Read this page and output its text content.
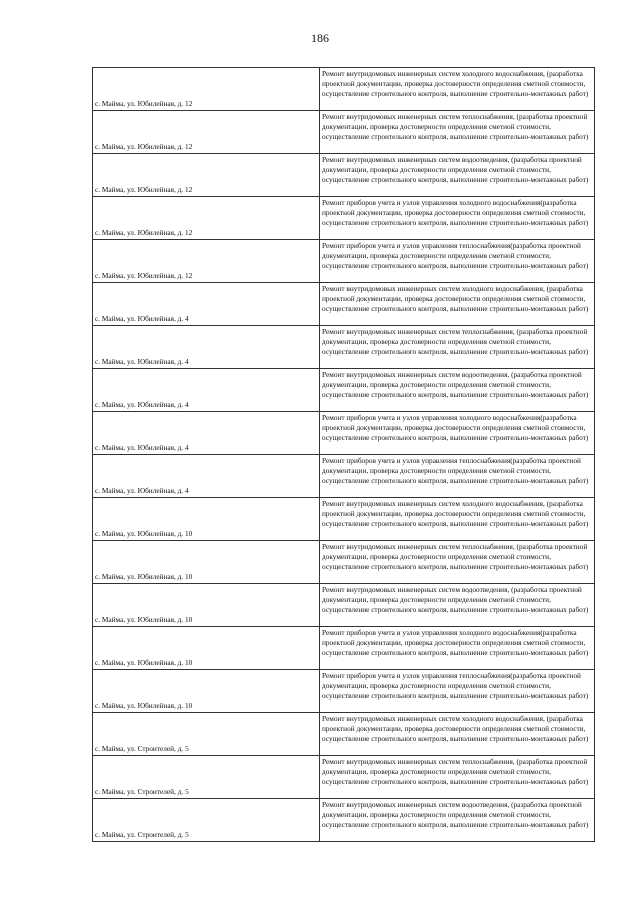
186
с. Майма, ул. Юбилейная, д. 12	Ремонт внутридомовых инженерных систем холодного водоснабжения, (разработка проектной документации, проверка достоверности определения сметной стоимости, осуществление строительного контроля, выполнение строительно-монтажных работ)
с. Майма, ул. Юбилейная, д. 12	Ремонт внутридомовых инженерных систем теплоснабжения, (разработка проектной документации, проверка достоверности определения сметной стоимости, осуществление строительного контроля, выполнение строительно-монтажных работ)
с. Майма, ул. Юбилейная, д. 12	Ремонт внутридомовых инженерных систем водоотведения, (разработка проектной документации, проверка достоверности определения сметной стоимости, осуществление строительного контроля, выполнение строительно-монтажных работ)
с. Майма, ул. Юбилейная, д. 12	Ремонт приборов учета и узлов управления холодного водоснабжения(разработка проектной документации, проверка достоверности определения сметной стоимости, осуществление строительного контроля, выполнение строительно-монтажных работ)
с. Майма, ул. Юбилейная, д. 12	Ремонт приборов учета и узлов управления теплоснабжения(разработка проектной документации, проверка достоверности определения сметной стоимости, осуществление строительного контроля, выполнение строительно-монтажных работ)
с. Майма, ул. Юбилейная, д. 4	Ремонт внутридомовых инженерных систем холодного водоснабжения, (разработка проектной документации, проверка достоверности определения сметной стоимости, осуществление строительного контроля, выполнение строительно-монтажных работ)
с. Майма, ул. Юбилейная, д. 4	Ремонт внутридомовых инженерных систем теплоснабжения, (разработка проектной документации, проверка достоверности определения сметной стоимости, осуществление строительного контроля, выполнение строительно-монтажных работ)
с. Майма, ул. Юбилейная, д. 4	Ремонт внутридомовых инженерных систем водоотведения, (разработка проектной документации, проверка достоверности определения сметной стоимости, осуществление строительного контроля, выполнение строительно-монтажных работ)
с. Майма, ул. Юбилейная, д. 4	Ремонт приборов учета и узлов управления холодного водоснабжения(разработка проектной документации, проверка достоверности определения сметной стоимости, осуществление строительного контроля, выполнение строительно-монтажных работ)
с. Майма, ул. Юбилейная, д. 4	Ремонт приборов учета и узлов управления теплоснабжения(разработка проектной документации, проверка достоверности определения сметной стоимости, осуществление строительного контроля, выполнение строительно-монтажных работ)
с. Майма, ул. Юбилейная, д. 10	Ремонт внутридомовых инженерных систем холодного водоснабжения, (разработка проектной документации, проверка достоверности определения сметной стоимости, осуществление строительного контроля, выполнение строительно-монтажных работ)
с. Майма, ул. Юбилейная, д. 10	Ремонт внутридомовых инженерных систем теплоснабжения, (разработка проектной документации, проверка достоверности определения сметной стоимости, осуществление строительного контроля, выполнение строительно-монтажных работ)
с. Майма, ул. Юбилейная, д. 10	Ремонт внутридомовых инженерных систем водоотведения, (разработка проектной документации, проверка достоверности определения сметной стоимости, осуществление строительного контроля, выполнение строительно-монтажных работ)
с. Майма, ул. Юбилейная, д. 10	Ремонт приборов учета и узлов управления холодного водоснабжения(разработка проектной документации, проверка достоверности определения сметной стоимости, осуществление строительного контроля, выполнение строительно-монтажных работ)
с. Майма, ул. Юбилейная, д. 10	Ремонт приборов учета и узлов управления теплоснабжения(разработка проектной документации, проверка достоверности определения сметной стоимости, осуществление строительного контроля, выполнение строительно-монтажных работ)
с. Майма, ул. Строителей, д. 5	Ремонт внутридомовых инженерных систем холодного водоснабжения, (разработка проектной документации, проверка достоверности определения сметной стоимости, осуществление строительного контроля, выполнение строительно-монтажных работ)
с. Майма, ул. Строителей, д. 5	Ремонт внутридомовых инженерных систем теплоснабжения, (разработка проектной документации, проверка достоверности определения сметной стоимости, осуществление строительного контроля, выполнение строительно-монтажных работ)
с. Майма, ул. Строителей, д. 5	Ремонт внутридомовых инженерных систем водоотведения, (разработка проектной документации, проверка достоверности определения сметной стоимости, осуществление строительного контроля, выполнение строительно-монтажных работ)
